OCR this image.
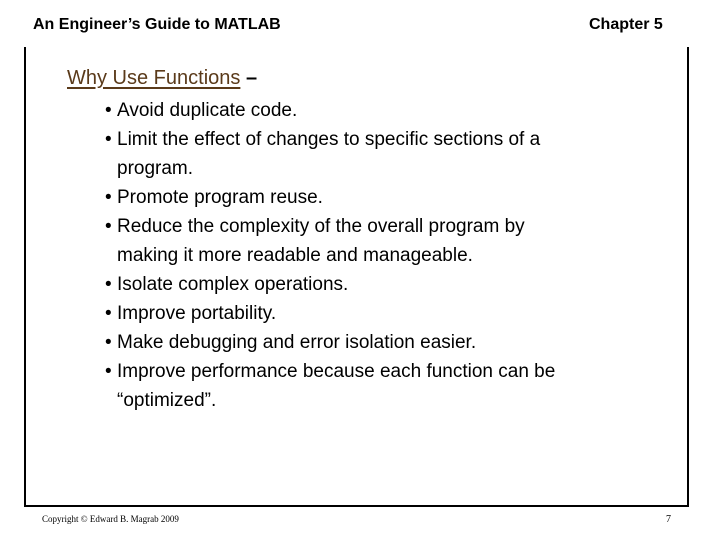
An Engineer’s Guide to MATLAB	Chapter 5
Why Use Functions –
• Avoid duplicate code.
• Limit the effect of changes to specific sections of a
program.
• Promote program reuse.
• Reduce the complexity of the overall program by
making it more readable and manageable.
• Isolate complex operations.
• Improve portability.
• Make debugging and error isolation easier.
• Improve performance because each function can be
“optimized”.
Copyright © Edward B. Magrab 2009	7
